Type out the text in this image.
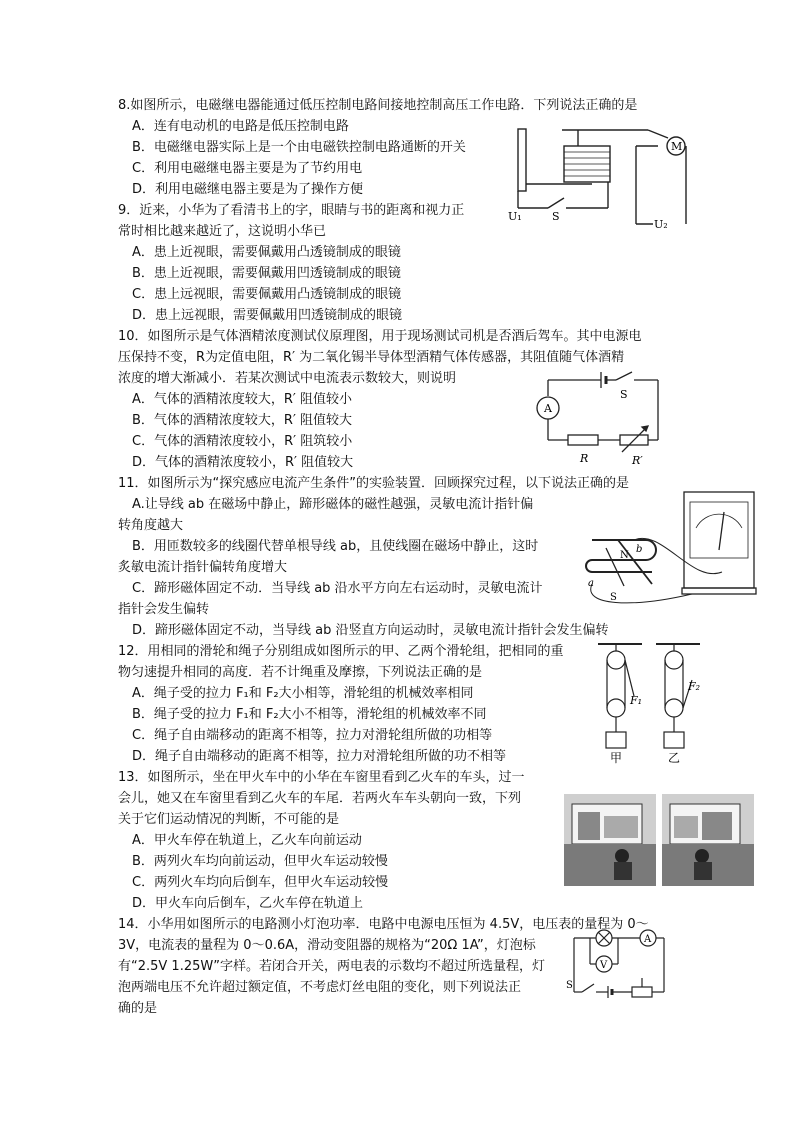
8.如图所示，电磁继电器能通过低压控制电路间接地控制高压工作电路．下列说法正确的是
A．连有电动机的电路是低压控制电路
B．电磁继电器实际上是一个由电磁铁控制电路通断的开关
C．利用电磁继电器主要是为了节约用电
D．利用电磁继电器主要是为了操作方便
M
S
U₁
U₂
9．近来，小华为了看清书上的字，眼睛与书的距离和视力正
常时相比越来越近了，这说明小华已
A．患上近视眼，需要佩戴用凸透镜制成的眼镜
B．患上近视眼，需要佩戴用凹透镜制成的眼镜
C．患上远视眼，需要佩戴用凸透镜制成的眼镜
D．患上远视眼，需要佩戴用凹透镜制成的眼镜
10．如图所示是气体酒精浓度测试仪原理图，用于现场测试司机是否酒后驾车。其中电源电
压保持不变，R为定值电阻，R′ 为二氧化锡半导体型酒精气体传感器，其阻值随气体酒精
浓度的增大渐减小．若某次测试中电流表示数较大，则说明
A．气体的酒精浓度较大，R′ 阻值较小
B．气体的酒精浓度较大，R′ 阻值较大
C．气体的酒精浓度较小，R′ 阻筑较小
D．气体的酒精浓度较小，R′ 阻值较大
A
S
R	R′
11．如图所示为“探究感应电流产生条件”的实验装置．回顾探究过程，以下说法正确的是
A.让导线 ab 在磁场中静止，蹄形磁体的磁性越强，灵敏电流计指针偏
转角度越大
B．用匝数较多的线圈代替单根导线 ab，且使线圈在磁场中静止，这时
炙敏电流计指针偏转角度增大
C．蹄形磁体固定不动．当导线 ab 沿水平方向左右运动时，灵敏电流计
指针会发生偏转
D．蹄形磁体固定不动，当导线 ab 沿竖直方向运动时，灵敏电流计指针会发生偏转
N
S
a
b
12．用相同的滑轮和绳子分别组成如图所示的甲、乙两个滑轮组，把相同的重
物匀速提升相同的高度．若不计绳重及摩擦，下列说法正确的是
A．绳子受的拉力 F₁和 F₂大小相等，滑轮组的机械效率相同
B．绳子受的拉力 F₁和 F₂大小不相等，滑轮组的机械效率不同
C．绳子自由端移动的距离不相等，拉力对滑轮组所做的功相等
D．绳子自由端移动的距离不相等，拉力对滑轮组所做的功不相等
F₁
F₂
甲	乙
13．如图所示，坐在甲火车中的小华在车窗里看到乙火车的车头，过一
会儿，她又在车窗里看到乙火车的车尾．若两火车车头朝向一致，下列
关于它们运动情况的判断，不可能的是
A．甲火车停在轨道上，乙火车向前运动
B．两列火车均向前运动，但甲火车运动较慢
C．两列火车均向后倒车，但甲火车运动较慢
D．甲火车向后倒车，乙火车停在轨道上
14．小华用如图所示的电路测小灯泡功率．电路中电源电压恒为 4.5V，电压表的量程为 0～
3V，电流表的量程为 0～0.6A，滑动变阻器的规格为“20Ω 1A”，灯泡标
有“2.5V 1.25W”字样。若闭合开关，两电表的示数均不超过所选量程，灯
泡两端电压不允许超过额定值，不考虑灯丝电阻的变化，则下列说法正
确的是
A
V
S
